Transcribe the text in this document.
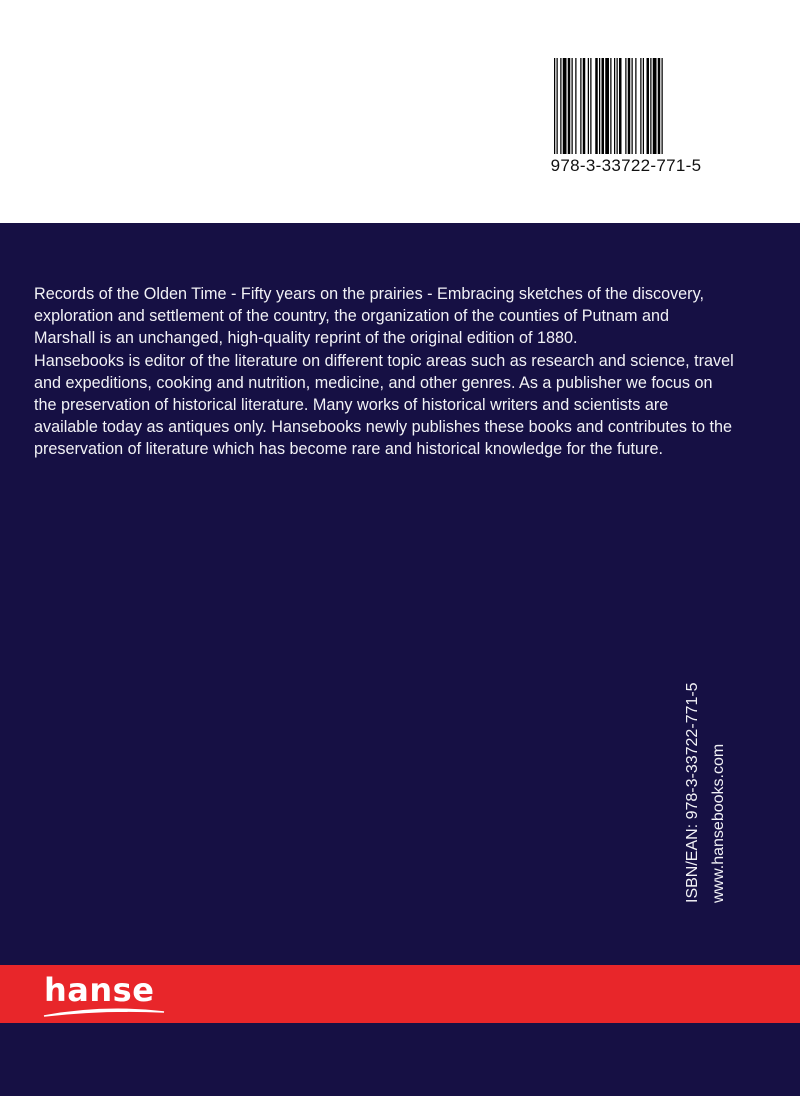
978-3-33722-771-5

Records of the Olden Time - Fifty years on the prairies - Embracing sketches of the discovery, exploration and settlement of the country, the organization of the counties of Putnam and Marshall is an unchanged, high-quality reprint of the original edition of 1880.

Hansebooks is editor of the literature on different topic areas such as research and science, travel and expeditions, cooking and nutrition, medicine, and other genres. As a publisher we focus on the preservation of historical literature. Many works of historical writers and scientists are available today as antiques only. Hansebooks newly publishes these books and contributes to the preservation of literature which has become rare and historical knowledge for the future.

ISBN/EAN: 978-3-33722-771-5 www.hansebooks.com
hanse
